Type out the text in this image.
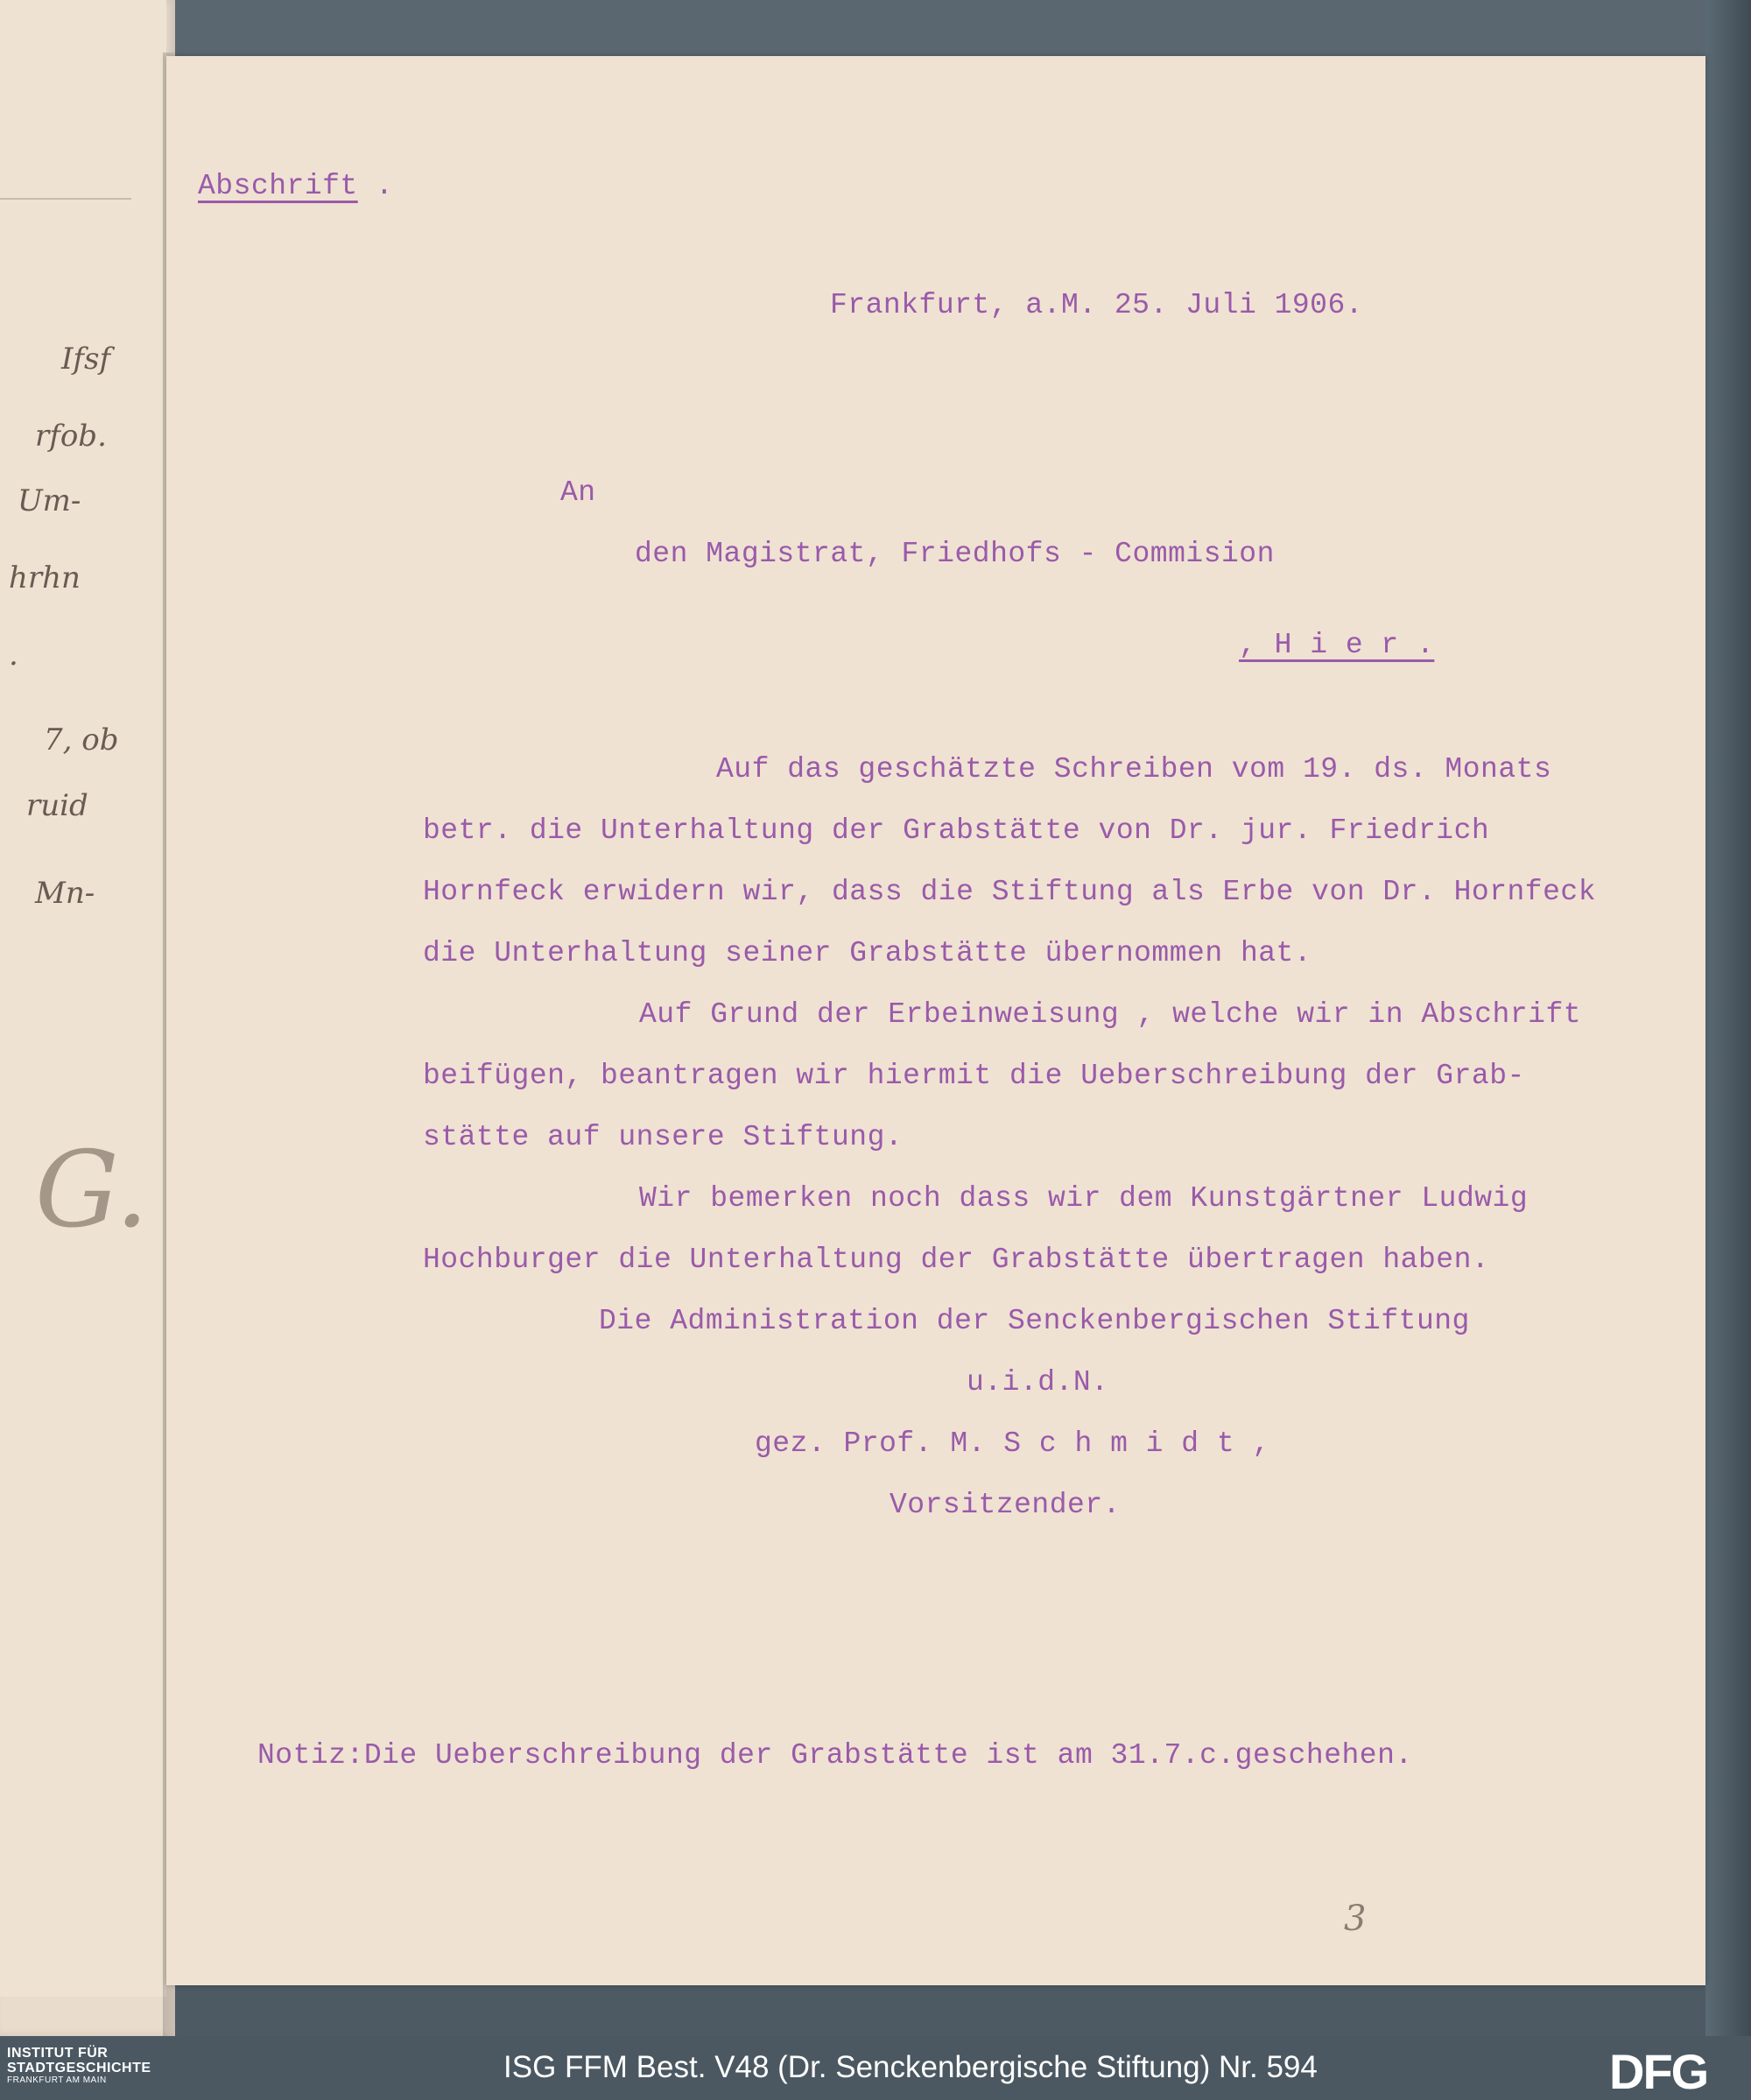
Ifsf
rfob.
Um-
hrhn
.
7, ob
ruid
Mn-
G.
Abschrift .
Frankfurt, a.M. 25. Juli 1906.
An
den Magistrat, Friedhofs - Commision
, H i e r .
Auf das geschätzte Schreiben vom 19. ds. Monats
betr. die Unterhaltung der Grabstätte von Dr. jur. Friedrich
Hornfeck erwidern wir, dass die Stiftung als Erbe von Dr. Hornfeck
die Unterhaltung seiner Grabstätte übernommen hat.
Auf Grund der Erbeinweisung , welche wir in Abschrift
beifügen, beantragen wir hiermit die Ueberschreibung der Grab-
stätte auf unsere Stiftung.
Wir bemerken noch dass wir dem Kunstgärtner Ludwig
Hochburger die Unterhaltung der Grabstätte übertragen haben.
Die Administration der Senckenbergischen Stiftung
u.i.d.N.
gez. Prof. M. S c h m i d t ,
Vorsitzender.
Notiz:Die Ueberschreibung der Grabstätte ist am 31.7.c.geschehen.
3
INSTITUT FÜR
STADTGESCHICHTE
FRANKFURT AM MAIN	ISG FFM Best. V48 (Dr. Senckenbergische Stiftung) Nr. 594	DFG
